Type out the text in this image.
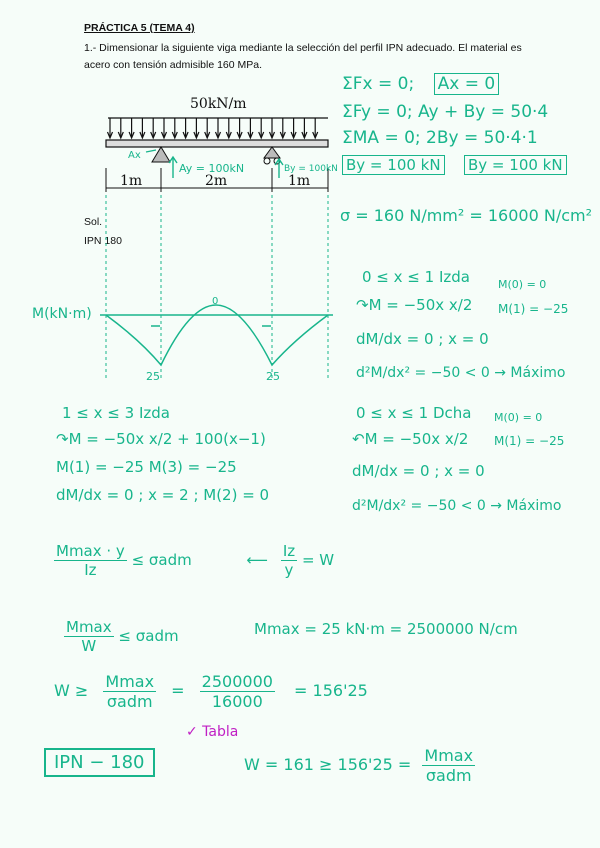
PRÁCTICA 5 (TEMA 4)
1.- Dimensionar la siguiente viga mediante la selección del perfil IPN adecuado. El material es acero con tensión admisible 160 MPa.
Sol.
IPN 180
50kN/m
1m	2m	1m
Ax
Ay = 100kN	By = 100kN
ΣFx = 0; Ax = 0
ΣFy = 0; Ay + By = 50·4
ΣMA = 0; 2By = 50·4·1
By = 100 kN By = 100 kN
σ = 160 N/mm² = 16000 N/cm²
M(kN·m)
25	25
0
0 ≤ x ≤ 1 Izda
↷M = −50x x/2
M(0) = 0
M(1) = −25
dM/dx = 0 ; x = 0
d²M/dx² = −50 < 0 → Máximo
1 ≤ x ≤ 3 Izda
↷M = −50x x/2 + 100(x−1)
M(1) = −25 M(3) = −25
dM/dx = 0 ; x = 2 ; M(2) = 0
0 ≤ x ≤ 1 Dcha
↶M = −50x x/2
M(0) = 0
M(1) = −25
dM/dx = 0 ; x = 0
d²M/dx² = −50 < 0 → Máximo
$\frac{Mmax \cdot y}{Iz} \le \sigma adm$	⟵ $\frac{Iz}{y} = W$
$\frac{Mmax}{W} \le \sigma adm$	Mmax = 25 kN·m = 2500000 N/cm
$W \ge \frac{Mmax}{\text{σadm}} = \frac{2500000}{16000} = 156'25$
✓ Tabla
IPN − 180	$W = 161 \ge 156'25 = \frac{Mmax}{\text{σadm}}$
